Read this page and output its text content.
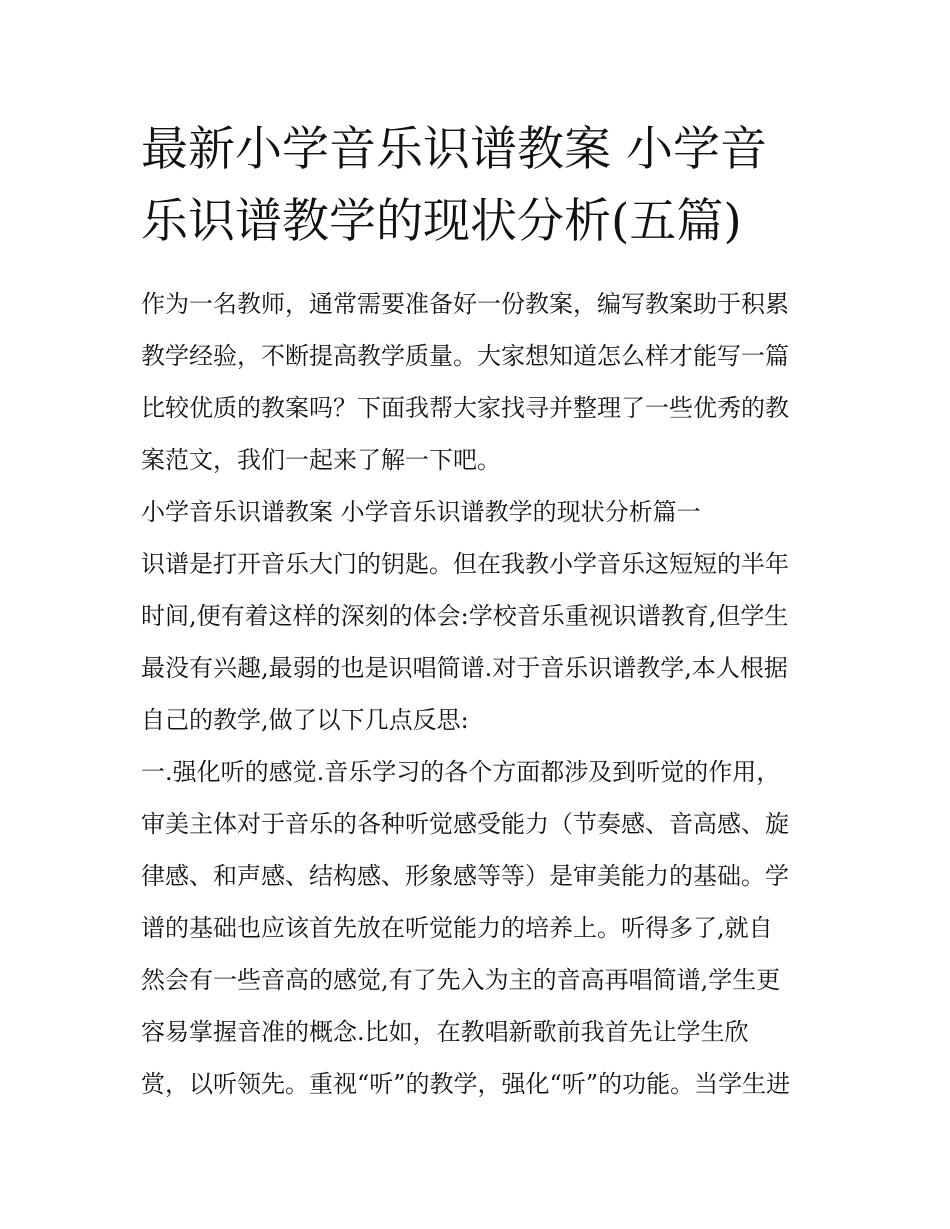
最新小学音乐识谱教案 小学音
乐识谱教学的现状分析(五篇)
作为一名教师，通常需要准备好一份教案，编写教案助于积累
教学经验，不断提高教学质量。大家想知道怎么样才能写一篇
比较优质的教案吗？下面我帮大家找寻并整理了一些优秀的教
案范文，我们一起来了解一下吧。
小学音乐识谱教案 小学音乐识谱教学的现状分析篇一
识谱是打开音乐大门的钥匙。但在我教小学音乐这短短的半年
时间,便有着这样的深刻的体会:学校音乐重视识谱教育,但学生
最没有兴趣,最弱的也是识唱简谱.对于音乐识谱教学,本人根据
自己的教学,做了以下几点反思:
一.强化听的感觉.音乐学习的各个方面都涉及到听觉的作用，
审美主体对于音乐的各种听觉感受能力（节奏感、音高感、旋
律感、和声感、结构感、形象感等等）是审美能力的基础。学
谱的基础也应该首先放在听觉能力的培养上。听得多了,就自
然会有一些音高的感觉,有了先入为主的音高再唱简谱,学生更
容易掌握音准的概念.比如，在教唱新歌前我首先让学生欣
赏，以听领先。重视“听”的教学，强化“听”的功能。当学生进
